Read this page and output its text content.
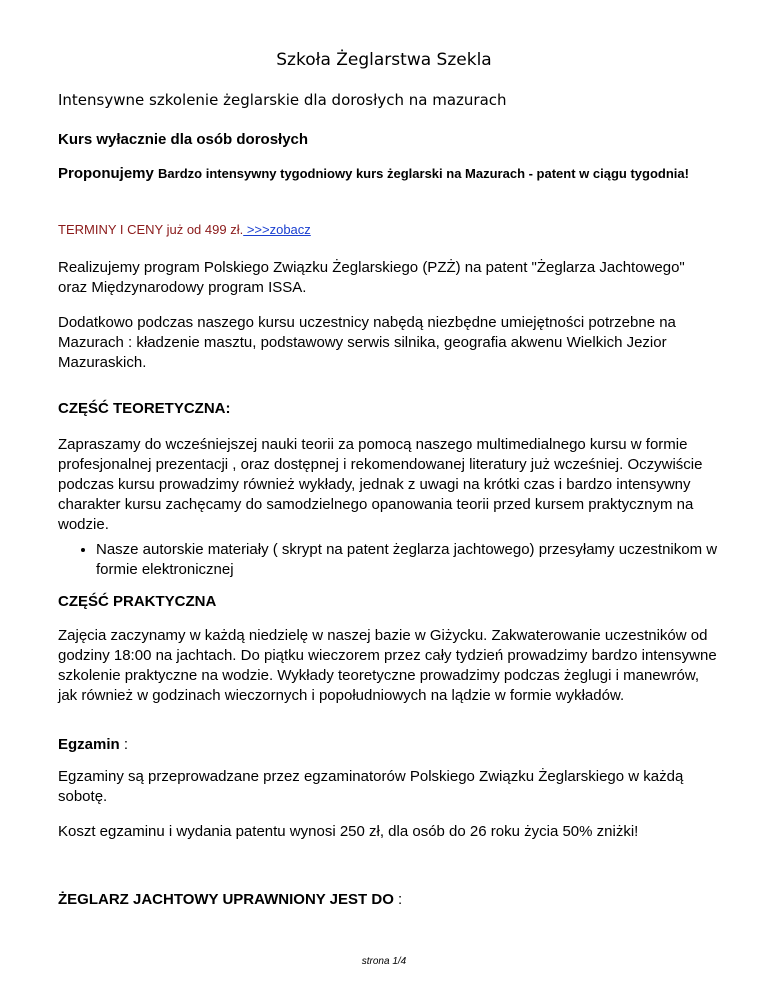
Szkoła Żeglarstwa Szekla

Intensywne szkolenie żeglarskie dla dorosłych na mazurach

Kurs wyłacznie dla osób dorosłych

Proponujemy Bardzo intensywny tygodniowy kurs żeglarski na Mazurach - patent w ciągu tygodnia!

TERMINY I CENY już od 499 zł. >>>zobacz

Realizujemy program Polskiego Związku Żeglarskiego (PZŻ) na patent "Żeglarza Jachtowego" oraz Międzynarodowy program ISSA.

Dodatkowo podczas naszego kursu uczestnicy nabędą niezbędne umiejętności potrzebne na Mazurach : kładzenie masztu, podstawowy serwis silnika, geografia akwenu Wielkich Jezior Mazuraskich.

CZĘŚĆ TEORETYCZNA:

Zapraszamy do wcześniejszej nauki teorii za pomocą naszego multimedialnego kursu w formie profesjonalnej prezentacji , oraz dostępnej i rekomendowanej literatury już wcześniej. Oczywiście podczas kursu prowadzimy również wykłady, jednak z uwagi na krótki czas i bardzo intensywny charakter kursu zachęcamy do samodzielnego opanowania teorii przed kursem praktycznym na wodzie.

• Nasze autorskie materiały ( skrypt na patent żeglarza jachtowego) przesyłamy uczestnikom w formie elektronicznej

CZĘŚĆ PRAKTYCZNA

Zajęcia zaczynamy w każdą niedzielę w naszej bazie w Giżycku. Zakwaterowanie uczestników od godziny 18:00 na jachtach. Do piątku wieczorem przez cały tydzień prowadzimy bardzo intensywne szkolenie praktyczne na wodzie. Wykłady teoretyczne prowadzimy podczas żeglugi i manewrów, jak również w godzinach wieczornych i popołudniowych na lądzie w formie wykładów.

Egzamin :

Egzaminy są przeprowadzane przez egzaminatorów Polskiego Związku Żeglarskiego w każdą sobotę.

Koszt egzaminu i wydania patentu wynosi 250 zł, dla osób do 26 roku życia 50% zniżki!

ŻEGLARZ JACHTOWY UPRAWNIONY JEST DO :

strona 1/4
